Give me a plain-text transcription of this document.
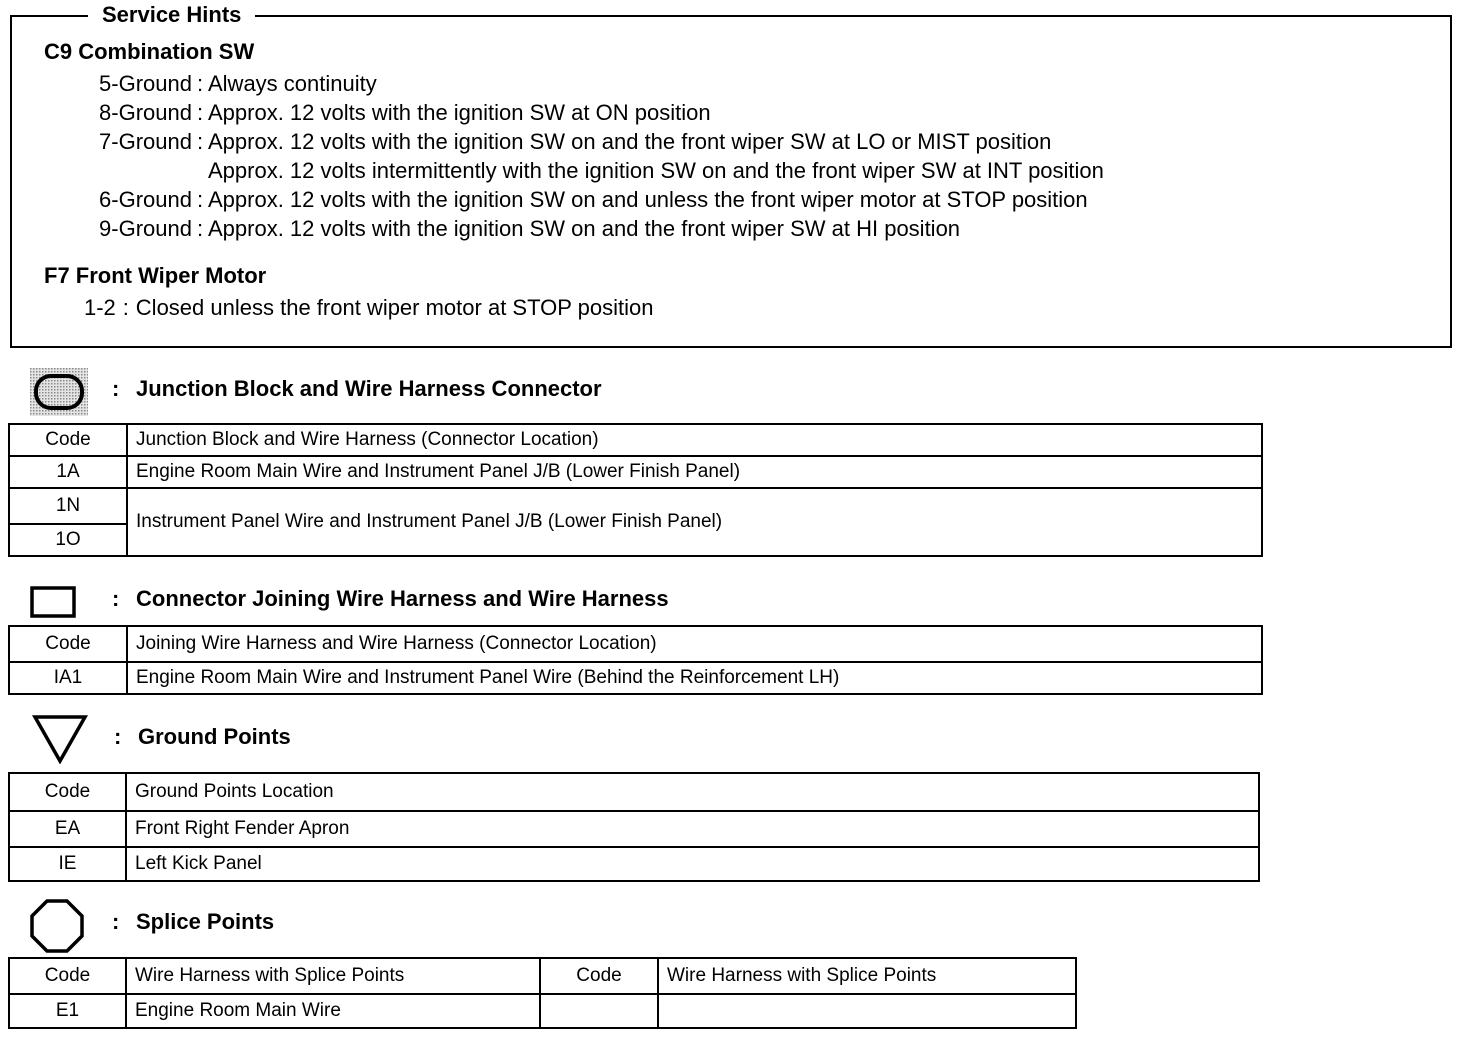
Service Hints
C9 Combination SW
5-Ground : Always continuity
8-Ground : Approx. 12 volts with the ignition SW at ON position
7-Ground : Approx. 12 volts with the ignition SW on and the front wiper SW at LO or MIST position
Approx. 12 volts intermittently with the ignition SW on and the front wiper SW at INT position
6-Ground : Approx. 12 volts with the ignition SW on and unless the front wiper motor at STOP position
9-Ground : Approx. 12 volts with the ignition SW on and the front wiper SW at HI position
F7 Front Wiper Motor
1-2 : Closed unless the front wiper motor at STOP position
: Junction Block and Wire Harness Connector
Code	Junction Block and Wire Harness (Connector Location)
1A	Engine Room Main Wire and Instrument Panel J/B (Lower Finish Panel)
1N	Instrument Panel Wire and Instrument Panel J/B (Lower Finish Panel)
1O	
: Connector Joining Wire Harness and Wire Harness
Code	Joining Wire Harness and Wire Harness (Connector Location)
IA1	Engine Room Main Wire and Instrument Panel Wire (Behind the Reinforcement LH)
: Ground Points
Code	Ground Points Location
EA	Front Right Fender Apron
IE	Left Kick Panel
: Splice Points
Code	Wire Harness with Splice Points	Code	Wire Harness with Splice Points
E1	Engine Room Main Wire		
